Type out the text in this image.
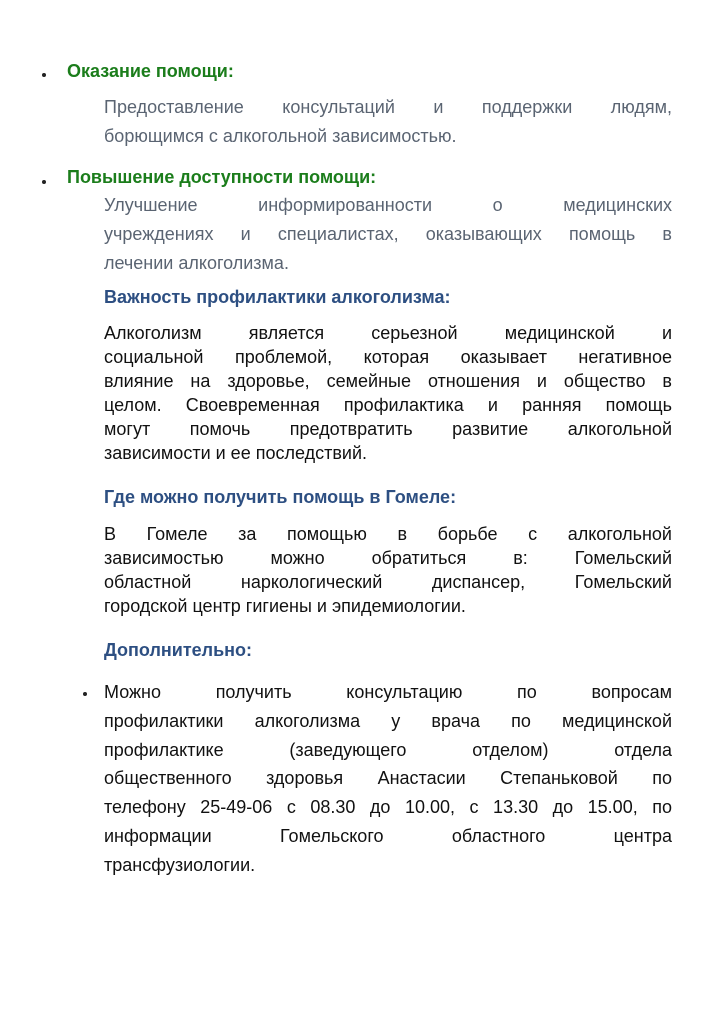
Оказание помощи:
Предоставление консультаций и поддержки людям,
борющимся с алкогольной зависимостью.
Повышение доступности помощи:
Улучшение информированности о медицинских
учреждениях и специалистах, оказывающих помощь в
лечении алкоголизма.
Важность профилактики алкоголизма:
Алкоголизм является серьезной медицинской и
социальной проблемой, которая оказывает негативное
влияние на здоровье, семейные отношения и общество в
целом. Своевременная профилактика и ранняя помощь
могут помочь предотвратить развитие алкогольной
зависимости и ее последствий.
Где можно получить помощь в Гомеле:
В Гомеле за помощью в борьбе с алкогольной
зависимостью можно обратиться в: Гомельский
областной наркологический диспансер, Гомельский
городской центр гигиены и эпидемиологии.
Дополнительно:
Можно получить консультацию по вопросам
профилактики алкоголизма у врача по медицинской
профилактике (заведующего отделом) отдела
общественного здоровья Анастасии Степаньковой по
телефону 25-49-06 с 08.30 до 10.00, с 13.30 до 15.00, по
информации Гомельского областного центра
трансфузиологии.
